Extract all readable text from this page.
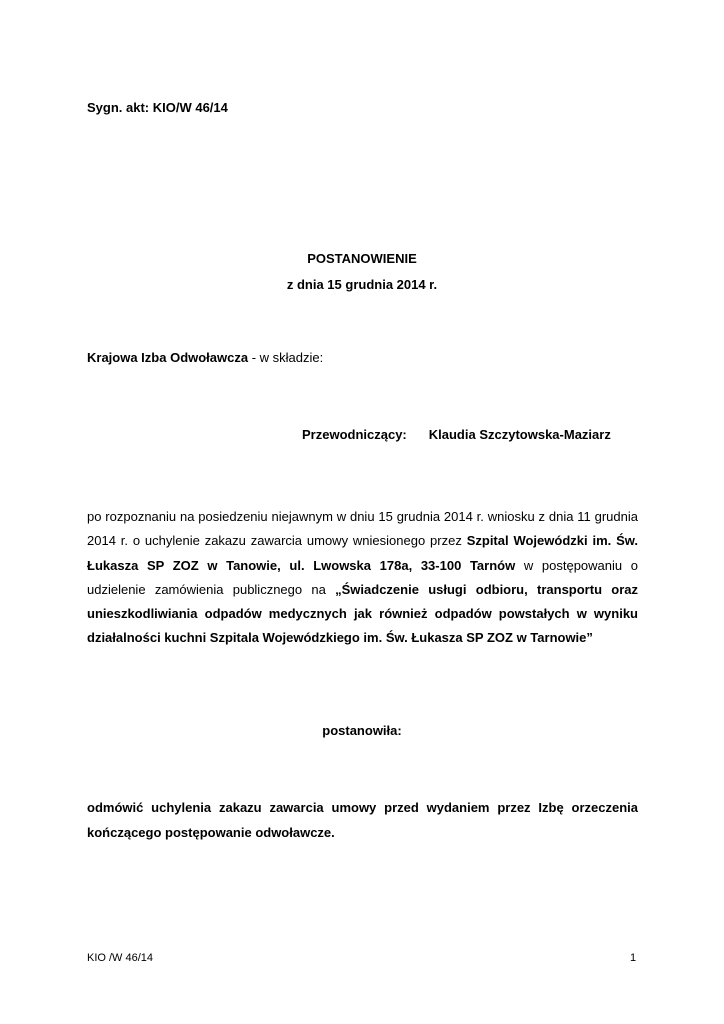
Sygn. akt: KIO/W 46/14
POSTANOWIENIE
z dnia 15 grudnia 2014 r.
Krajowa Izba Odwoławcza - w składzie:
Przewodniczący: Klaudia Szczytowska-Maziarz
po rozpoznaniu na posiedzeniu niejawnym w dniu 15 grudnia 2014 r. wniosku z dnia 11 grudnia 2014 r. o uchylenie zakazu zawarcia umowy wniesionego przez Szpital Wojewódzki im. Św. Łukasza SP ZOZ w Tanowie, ul. Lwowska 178a, 33-100 Tarnów w postępowaniu o udzielenie zamówienia publicznego na „Świadczenie usługi odbioru, transportu oraz unieszkodliwiania odpadów medycznych jak również odpadów powstałych w wyniku działalności kuchni Szpitala Wojewódzkiego im. Św. Łukasza SP ZOZ w Tarnowie”
postanowiła:
odmówić uchylenia zakazu zawarcia umowy przed wydaniem przez Izbę orzeczenia kończącego postępowanie odwoławcze.
KIO /W 46/14	1
